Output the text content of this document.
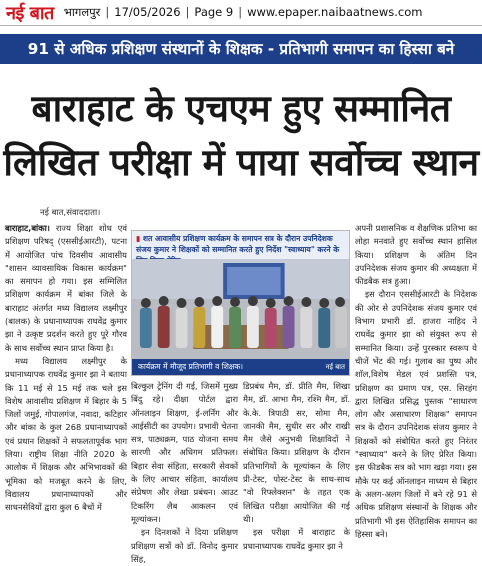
नई बात भागलपुर | 17/05/2026 | Page 9 | www.epaper.naibaatnews.com
91 से अधिक प्रशिक्षण संस्थानों के शिक्षक - प्रतिभागी समापन का हिस्सा बने
बाराहाट के एचएम हुए सम्मानित
लिखित परीक्षा में पाया सर्वोच्च स्थान
नई बात,संवाददाता।

बाराहाट,बांका। राज्य शिक्षा शोध एवं प्रशिक्षण परिषद् (एससीईआरटी), पटना में आयोजित पांच दिवसीय आवासीय "शासन व्यावसायिक विकास कार्यक्रम" का समापन हो गया। इस सम्मिलित प्रशिक्षण कार्यक्रम में बांका जिले के बाराहाट अंतर्गत मध्य विद्यालय लक्ष्मीपुर (बालक) के प्रधानाध्यापक राघवेंद्र कुमार झा ने उत्कृष्ट प्रदर्शन करते हुए पूरे गौरव के साथ सर्वोच्च स्थान प्राप्त किया है।

मध्य विद्यालय लक्ष्मीपुर के प्रधानाध्यापक राघवेंद्र कुमार झा ने बताया कि 11 मई से 15 मई तक चले इस विशेष आवासीय प्रशिक्षण में बिहार के 5 जिलों जमुई, गोपालगंज, नवादा, कटिहार और बांका के कुल 268 प्रधानाध्यापकों एवं प्रधान शिक्षकों ने सफलतापूर्वक भाग लिया। राष्ट्रीय शिक्षा नीति 2020 के आलोक में शिक्षक और अभिभावकों की भूमिका को मजबूत करने के लिए, विद्यालय प्रधानाध्यापकों और साधनसेवियों द्वारा कुल 6 बैचों में

▮ शत आवासीय प्रशिक्षण कार्यक्रम के समापन सत्र के दौरान उपनिदेशक संजय कुमार ने शिक्षकों को सम्मानित करते हुए निर्देश "स्वाध्याय" करने के
कार्यक्रम में मौजूद प्रतिभागी व शिक्षक।	नई बात

बिल्कुल ट्रेनिंग दी गई, जिसमें मुख्य बिंदु रहे। दीक्षा पोर्टल द्वारा ऑनलाइन शिक्षण, ई-लर्निंग और आईसीटी का उपयोग। प्रभावी चेतना सत्र, पाठ्यक्रम, पाठ योजना समय सारणी और अधिगम प्रतिफल। बिहार सेवा संहिता, सरकारी सेवकों के लिए आचार संहिता, कार्यालय संप्रेषण और लेखा प्रबंधन। आउट टिकरिंग लैब आकलन एवं मूल्यांकन।

इन दिनशकों ने दिया प्रशिक्षण प्रशिक्षण सत्रों को डॉ. विनोद कुमार सिंह,

डिप्रबंध मैम, डॉ. प्रीति मैम, शिखा मैम, डॉ. आभा मैम, रश्मि मैम, डॉ. के.के. त्रिपाठी सर, सोमा मैम, जानकी मैम, सुधीर सर और राखी मैम जैसे अनुभवी शिक्षाविदों ने संबोधित किया। प्रशिक्षण के दौरान प्रतिभागियों के मूल्यांकन के लिए प्री-टेस्ट, पोस्ट-टेस्ट के साथ-साथ "वो रिफ्लेक्शन" के तहत एक लिखित परीक्षा आयोजित की गई थी।

इस परीक्षा में बाराहाट के प्रधानाध्यापक राघवेंद्र कुमार झा ने

अपनी प्रशासनिक व शैक्षणिक प्रतिभा का लोहा मनवाते हुए सर्वोच्च स्थान हासिल किया। प्रशिक्षण के अंतिम दिन उपनिदेशक संजय कुमार की अध्यक्षता में फीडबैक सत्र हुआ।

इस दौरान एससीईआरटी के निदेशक की ओर से उपनिदेशक संजय कुमार एवं विभाग प्रभारी डॉ. हाजरा नाहिद ने राघवेंद्र कुमार झा को संयुक्त रूप से सम्मानित किया। उन्हें पुरस्कार स्वरूप ये चीजें भेंट की गई। गुलाब का पुष्प और शॉल,विशेष मेडल एवं प्रशस्ति पत्र, प्रशिक्षण का प्रमाण पत्र, एस. सिरहंग द्वारा लिखित प्रसिद्ध पुस्तक "साधारण लोग और असाधारण शिक्षक" समापन सत्र के दौरान उपनिदेशक संजय कुमार ने शिक्षकों को संबोधित करते हुए निरंतर "स्वाध्याय" करने के लिए प्रेरित किया। इस फीडबैक सत्र को भाग खड़ा गया। इस मौके पर कई ऑनलाइन माध्यम से बिहार के अलग-अलग जिलों में बने रहे 91 से अधिक प्रशिक्षण संस्थानों के शिक्षक और प्रतिभागी भी इस ऐतिहासिक समापन का हिस्सा बने।
